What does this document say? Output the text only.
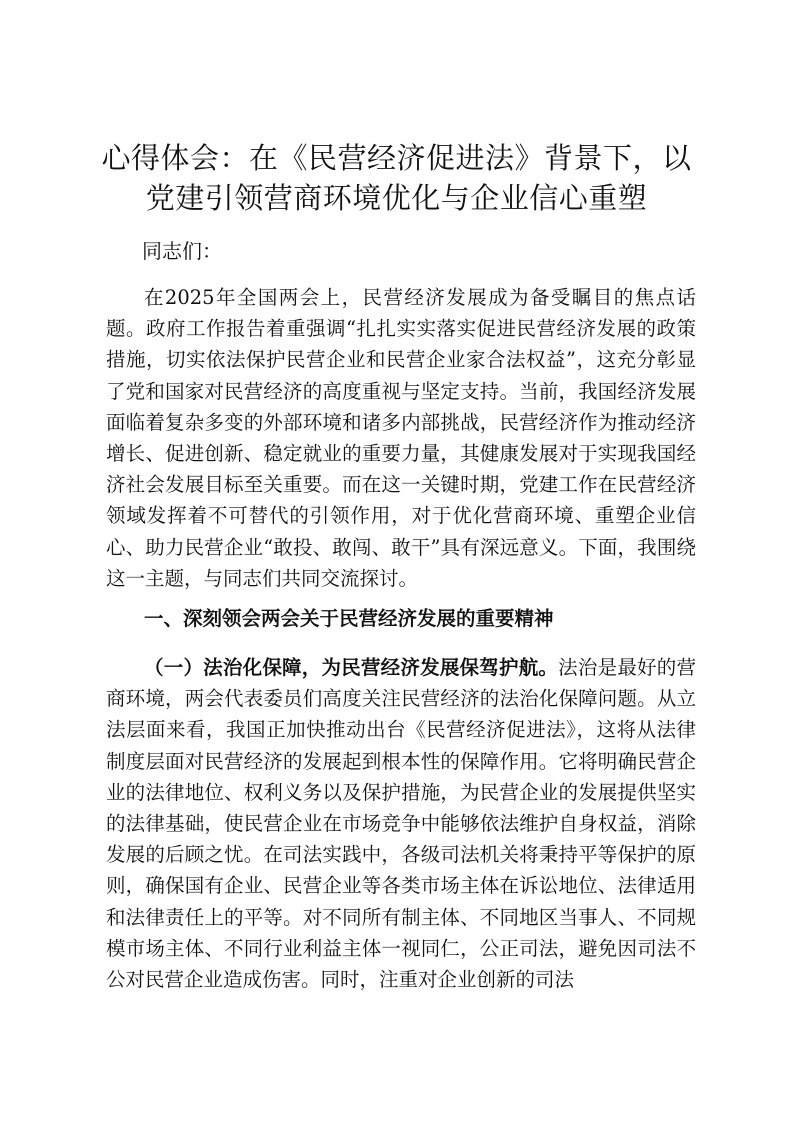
心得体会：在《民营经济促进法》背景下，以
党建引领营商环境优化与企业信心重塑

同志们：

在2025年全国两会上，民营经济发展成为备受瞩目的焦点话题。政府工作报告着重强调“扎扎实实落实促进民营经济发展的政策措施，切实依法保护民营企业和民营企业家合法权益”，这充分彰显了党和国家对民营经济的高度重视与坚定支持。当前，我国经济发展面临着复杂多变的外部环境和诸多内部挑战，民营经济作为推动经济增长、促进创新、稳定就业的重要力量，其健康发展对于实现我国经济社会发展目标至关重要。而在这一关键时期，党建工作在民营经济领域发挥着不可替代的引领作用，对于优化营商环境、重塑企业信心、助力民营企业“敢投、敢闯、敢干”具有深远意义。下面，我围绕这一主题，与同志们共同交流探讨。

一、深刻领会两会关于民营经济发展的重要精神

（一）法治化保障，为民营经济发展保驾护航。法治是最好的营商环境，两会代表委员们高度关注民营经济的法治化保障问题。从立法层面来看，我国正加快推动出台《民营经济促进法》，这将从法律制度层面对民营经济的发展起到根本性的保障作用。它将明确民营企业的法律地位、权利义务以及保护措施，为民营企业的发展提供坚实的法律基础，使民营企业在市场竞争中能够依法维护自身权益，消除发展的后顾之忧。在司法实践中，各级司法机关将秉持平等保护的原则，确保国有企业、民营企业等各类市场主体在诉讼地位、法律适用和法律责任上的平等。对不同所有制主体、不同地区当事人、不同规模市场主体、不同行业利益主体一视同仁，公正司法，避免因司法不公对民营企业造成伤害。同时，注重对企业创新的司法
